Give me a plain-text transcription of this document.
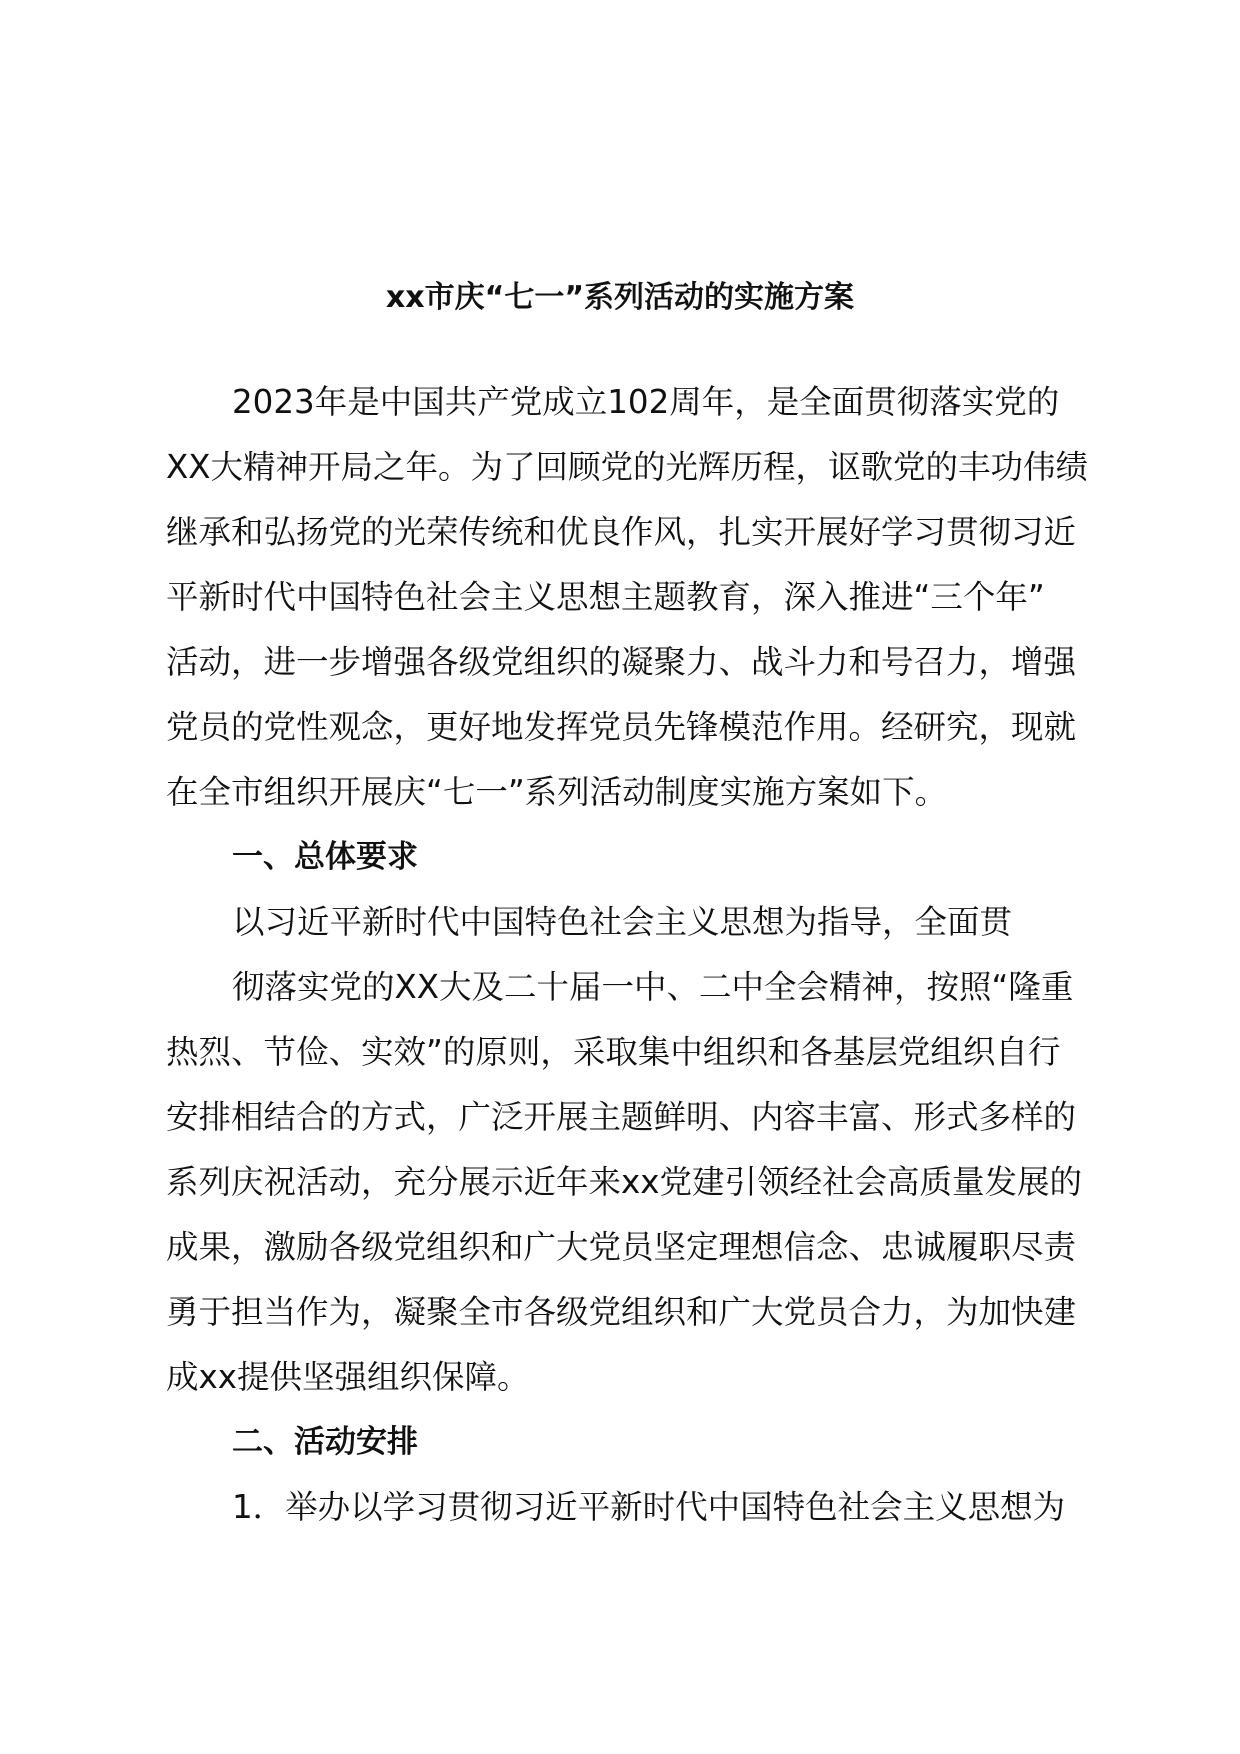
xx市庆“七一”系列活动的实施方案
2023年是中国共产党成立102周年，是全面贯彻落实党的
XX大精神开局之年。为了回顾党的光辉历程，讴歌党的丰功伟绩
继承和弘扬党的光荣传统和优良作风，扎实开展好学习贯彻习近
平新时代中国特色社会主义思想主题教育，深入推进“三个年”
活动，进一步增强各级党组织的凝聚力、战斗力和号召力，增强
党员的党性观念，更好地发挥党员先锋模范作用。经研究，现就
在全市组织开展庆“七一”系列活动制度实施方案如下。
一、总体要求
以习近平新时代中国特色社会主义思想为指导，全面贯
彻落实党的XX大及二十届一中、二中全会精神，按照“隆重
热烈、节俭、实效”的原则，采取集中组织和各基层党组织自行
安排相结合的方式，广泛开展主题鲜明、内容丰富、形式多样的
系列庆祝活动，充分展示近年来xx党建引领经社会高质量发展的
成果，激励各级党组织和广大党员坚定理想信念、忠诚履职尽责
勇于担当作为，凝聚全市各级党组织和广大党员合力，为加快建
成xx提供坚强组织保障。
二、活动安排
1．举办以学习贯彻习近平新时代中国特色社会主义思想为
